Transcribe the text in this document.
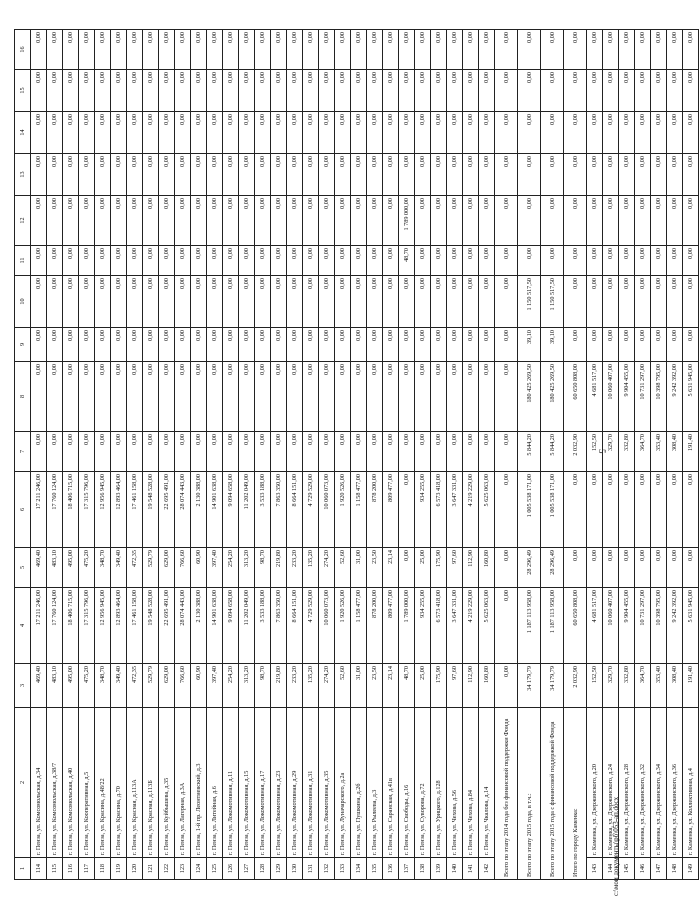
5
1	2	3	4	5	6	7	8	9	10	11	12	13	14	15	16
114	г. Пенза, ул. Комсомольская, д.34	469,40	17 211 246,00	469,40	17 211 246,00	0,00	0,00	0,00	0,00	0,00	0,00	0,00	0,00	0,00	0,00
115	г. Пенза, ул. Комсомольская, д.38/7	483,10	17 760 124,00	483,10	17 760 124,00	0,00	0,00	0,00	0,00	0,00	0,00	0,00	0,00	0,00	0,00
116	г. Пенза, ул. Комсомольская, д.40	495,00	18 406 715,00	495,00	18 406 715,00	0,00	0,00	0,00	0,00	0,00	0,00	0,00	0,00	0,00	0,00
117	г. Пенза, ул. Кооперативная, д.5	475,20	17 315 796,00	475,20	17 315 796,00	0,00	0,00	0,00	0,00	0,00	0,00	0,00	0,00	0,00	0,00
118	г. Пенза, ул. Красина, д.48/22	348,70	12 956 945,00	348,70	12 956 945,00	0,00	0,00	0,00	0,00	0,00	0,00	0,00	0,00	0,00	0,00
119	г. Пенза, ул. Красина, д.70	349,40	12 893 464,00	349,40	12 893 464,00	0,00	0,00	0,00	0,00	0,00	0,00	0,00	0,00	0,00	0,00
120	г. Пенза, ул. Красная, д.113А	472,35	17 461 158,00	472,35	17 461 158,00	0,00	0,00	0,00	0,00	0,00	0,00	0,00	0,00	0,00	0,00
121	г. Пенза, ул. Красная, д.113Б	529,79	19 548 528,00	529,79	19 548 528,00	0,00	0,00	0,00	0,00	0,00	0,00	0,00	0,00	0,00	0,00
122	г. Пенза, ул. Куйбышева, д.35	629,00	22 695 491,00	629,00	22 695 491,00	0,00	0,00	0,00	0,00	0,00	0,00	0,00	0,00	0,00	0,00
123	г. Пенза, ул. Лагерная, д.3А	766,60	28 074 443,00	766,60	28 074 443,00	0,00	0,00	0,00	0,00	0,00	0,00	0,00	0,00	0,00	0,00
124	г. Пенза, 1-й пр. Леонтиевский, д.3	60,90	2 130 388,00	60,90	2 130 388,00	0,00	0,00	0,00	0,00	0,00	0,00	0,00	0,00	0,00	0,00
125	г. Пенза, ул. Литейная, д.6	397,40	14 901 638,00	397,40	14 901 638,00	0,00	0,00	0,00	0,00	0,00	0,00	0,00	0,00	0,00	0,00
126	г. Пенза, ул. Локомотивная, д.11	254,20	9 094 658,00	254,20	9 094 658,00	0,00	0,00	0,00	0,00	0,00	0,00	0,00	0,00	0,00	0,00
127	г. Пенза, ул. Локомотивная, д.15	313,20	11 202 049,00	313,20	11 202 049,00	0,00	0,00	0,00	0,00	0,00	0,00	0,00	0,00	0,00	0,00
128	г. Пенза, ул. Локомотивная, д.17	98,70	3 533 188,00	98,70	3 533 188,00	0,00	0,00	0,00	0,00	0,00	0,00	0,00	0,00	0,00	0,00
129	г. Пенза, ул. Локомотивная, д.23	219,80	7 863 350,00	219,80	7 863 350,00	0,00	0,00	0,00	0,00	0,00	0,00	0,00	0,00	0,00	0,00
130	г. Пенза, ул. Локомотивная, д.29	233,20	8 664 151,00	233,20	8 664 151,00	0,00	0,00	0,00	0,00	0,00	0,00	0,00	0,00	0,00	0,00
131	г. Пенза, ул. Локомотивная, д.31	135,20	4 729 529,00	135,20	4 729 529,00	0,00	0,00	0,00	0,00	0,00	0,00	0,00	0,00	0,00	0,00
132	г. Пенза, ул. Локомотивная, д.35	274,20	10 060 073,00	274,20	10 060 073,00	0,00	0,00	0,00	0,00	0,00	0,00	0,00	0,00	0,00	0,00
133	г. Пенза, ул. Луначарского, д.2а	52,60	1 920 526,00	52,60	1 920 526,00	0,00	0,00	0,00	0,00	0,00	0,00	0,00	0,00	0,00	0,00
134	г. Пенза, ул. Пушкина, д.2б	31,00	1 158 477,00	31,00	1 158 477,00	0,00	0,00	0,00	0,00	0,00	0,00	0,00	0,00	0,00	0,00
135	г. Пенза, ул. Рылеева, д.3	23,50	878 200,00	23,50	878 200,00	0,00	0,00	0,00	0,00	0,00	0,00	0,00	0,00	0,00	0,00
136	г. Пенза, ул. Саранская, д.41в	23,14	809 477,00	23,14	809 477,00	0,00	0,00	0,00	0,00	0,00	0,00	0,00	0,00	0,00	0,00
137	г. Пенза, ул. Свободы, д.16	48,70	1 789 000,00	0,00	0,00	0,00	0,00	0,00	0,00	48,70	1 789 000,00	0,00	0,00	0,00	0,00
138	г. Пенза, ул. Суворова, д.72	25,00	934 255,00	25,00	934 255,00	0,00	0,00	0,00	0,00	0,00	0,00	0,00	0,00	0,00	0,00
139	г. Пенза, ул. Урицкого, д.128	175,90	6 573 418,00	175,90	6 573 418,00	0,00	0,00	0,00	0,00	0,00	0,00	0,00	0,00	0,00	0,00
140	г. Пенза, ул. Чехова, д.56	97,60	3 647 331,00	97,60	3 647 331,00	0,00	0,00	0,00	0,00	0,00	0,00	0,00	0,00	0,00	0,00
141	г. Пенза, ул. Чехова, д.84	112,90	4 219 229,00	112,90	4 219 229,00	0,00	0,00	0,00	0,00	0,00	0,00	0,00	0,00	0,00	0,00
142	г. Пенза, ул. Чкалова, д.14	160,80	5 625 063,00	160,80	5 625 063,00	0,00	0,00	0,00	0,00	0,00	0,00	0,00	0,00	0,00	0,00
Всего по этапу 2014 года без финансовой поддержки Фонда		0,00	0,00	0,00	0,00	0,00	0,00	0,00	0,00	0,00	0,00	0,00	0,00	0,00	0,00
Всего по этапу 2015 года, в т.ч.:		34 179,79	1 187 113 958,00	28 296,49	1 005 538 171,00	5 844,20	180 425 269,50	39,10	1 150 517,50	0,00	0,00	0,00	0,00	0,00	0,00
Всего по этапу 2015 года с финансовой поддержкой Фонда		34 179,79	1 187 113 958,00	28 296,49	1 005 538 171,00	5 844,20	180 425 269,50	39,10	1 150 517,50	0,00	0,00	0,00	0,00	0,00	0,00
Итого по городу Каменка:		2 032,90	60 650 808,00	0,00	0,00	2 032,90	60 650 808,00	0,00	0,00	0,00	0,00	0,00	0,00	0,00	0,00
143	г. Каменка, ул. Дзержинского, д.20	152,50	4 681 517,00	0,00	0,00	152,50	4 681 517,00	0,00	0,00	0,00	0,00	0,00	0,00	0,00	0,00
144	г. Каменка, ул. Дзержинского, д.24	329,70	10 060 407,00	0,00	0,00	329,70	10 060 407,00	0,00	0,00	0,00	0,00	0,00	0,00	0,00	0,00
145	г. Каменка, ул. Дзержинского, д.28	332,80	9 904 455,00	0,00	0,00	332,80	9 904 455,00	0,00	0,00	0,00	0,00	0,00	0,00	0,00	0,00
146	г. Каменка, ул. Дзержинского, д.32	364,70	10 731 297,00	0,00	0,00	364,70	10 731 297,00	0,00	0,00	0,00	0,00	0,00	0,00	0,00	0,00
147	г. Каменка, ул. Дзержинского, д.34	353,40	10 398 795,00	0,00	0,00	353,40	10 398 795,00	0,00	0,00	0,00	0,00	0,00	0,00	0,00	0,00
148	г. Каменка, ул. Дзержинского, д.36	308,40	9 242 392,00	0,00	0,00	308,40	9 242 392,00	0,00	0,00	0,00	0,00	0,00	0,00	0,00	0,00
149	г. Каменка, ул. Коллективная, д.4	191,40	5 631 945,00	0,00	0,00	191,40	5 631 945,00	0,00	0,00	0,00	0,00	0,00	0,00	0,00	0,00
c:\мои документы\рб\053-ап.docx
